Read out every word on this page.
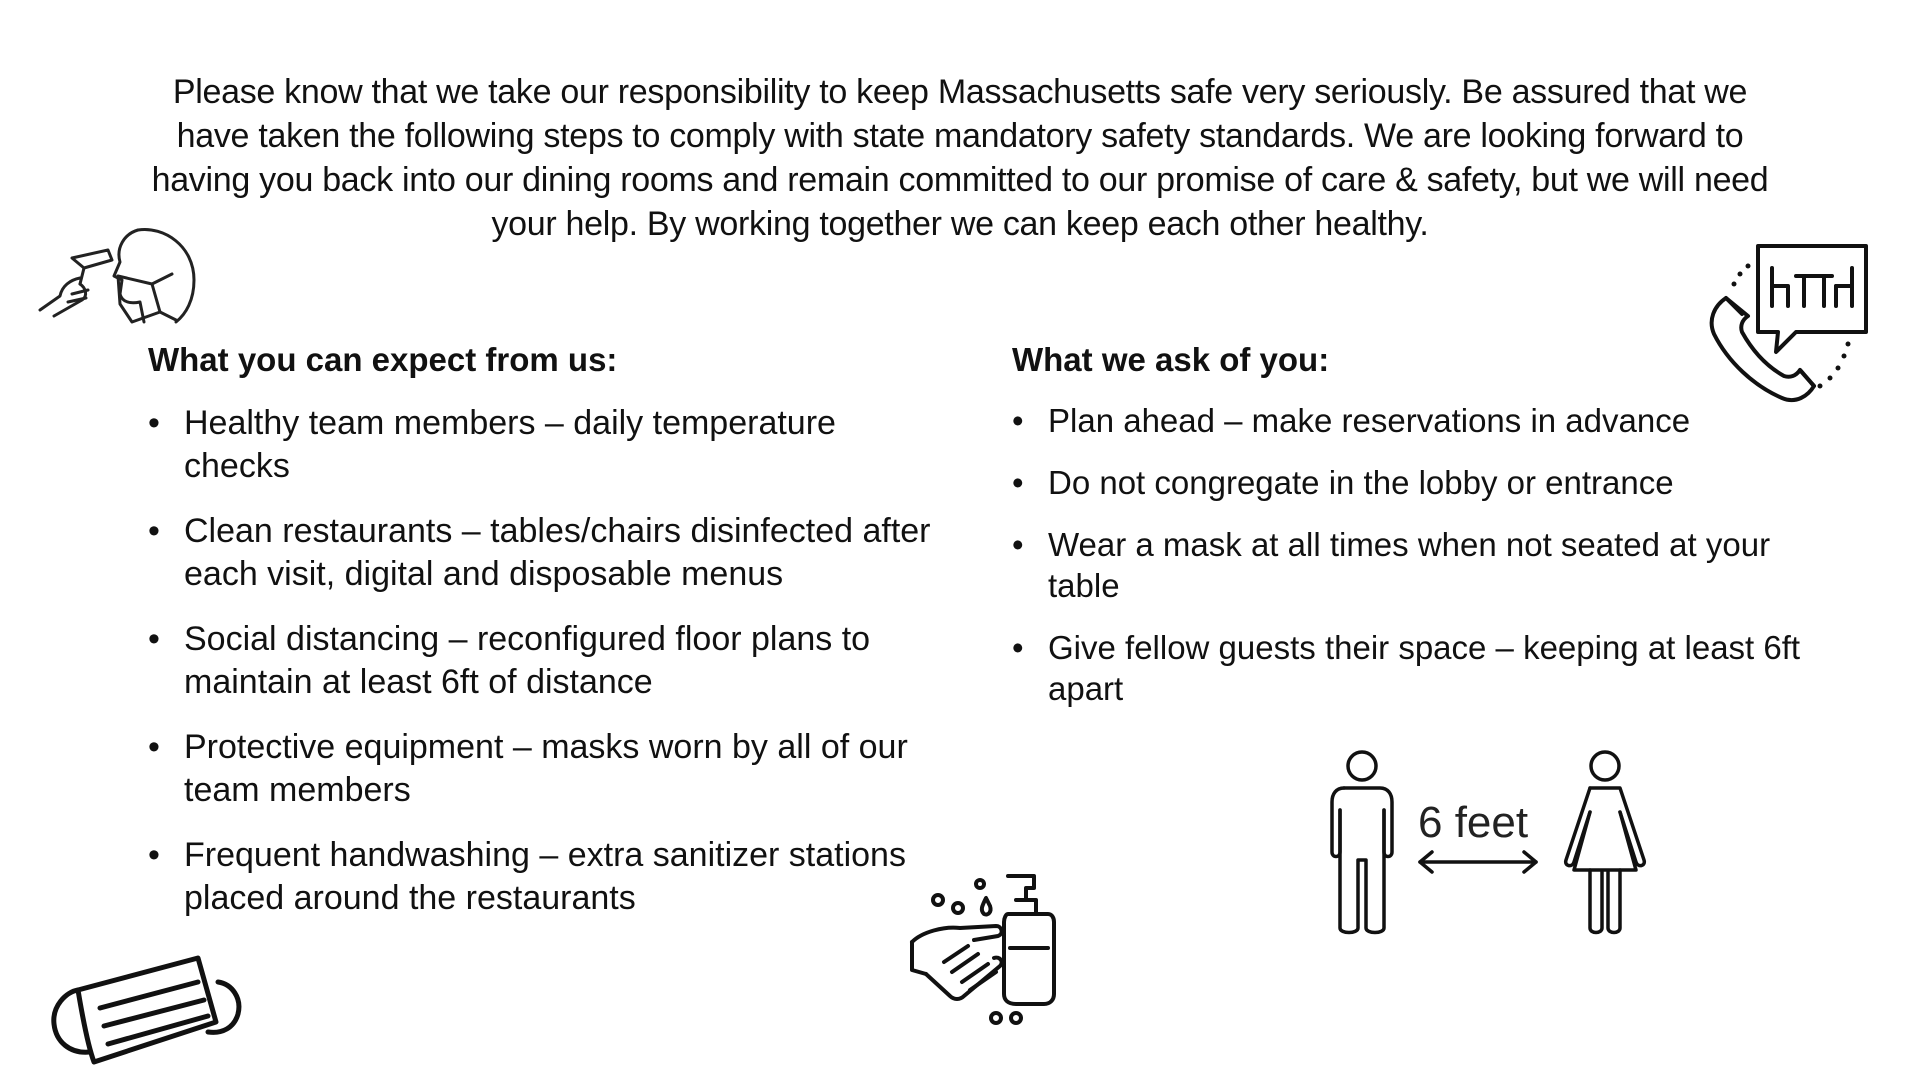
Please know that we take our responsibility to keep Massachusetts safe very seriously. Be assured that we have taken the following steps to comply with state mandatory safety standards. We are looking forward to having you back into our dining rooms and remain committed to our promise of care & safety, but we will need your help. By working together we can keep each other healthy.
What you can expect from us:
• Healthy team members – daily temperature checks
• Clean restaurants – tables/chairs disinfected after each visit, digital and disposable menus
• Social distancing – reconfigured floor plans to maintain at least 6ft of distance
• Protective equipment – masks worn by all of our team members
• Frequent handwashing – extra sanitizer stations placed around the restaurants
What we ask of you:
• Plan ahead – make reservations in advance
• Do not congregate in the lobby or entrance
• Wear a mask at all times when not seated at your table
• Give fellow guests their space – keeping at least 6ft apart
6 feet
